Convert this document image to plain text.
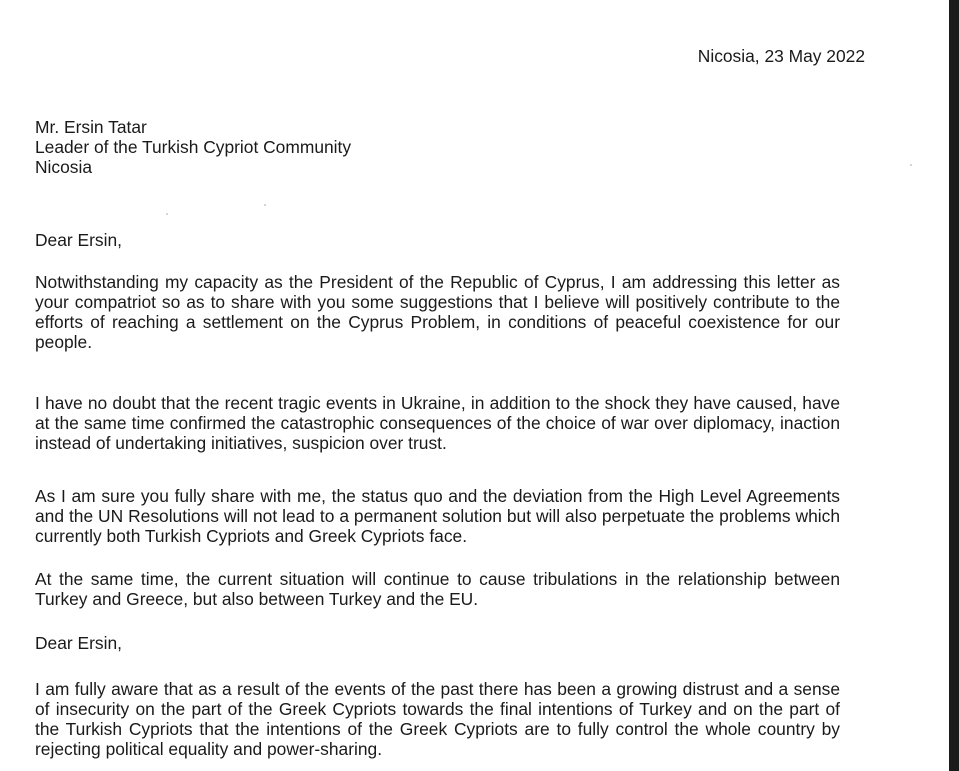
Nicosia, 23 May 2022
Mr. Ersin Tatar
Leader of the Turkish Cypriot Community
Nicosia
Dear Ersin,

Notwithstanding my capacity as the President of the Republic of Cyprus, I am addressing this letter as your compatriot so as to share with you some suggestions that I believe will positively contribute to the efforts of reaching a settlement on the Cyprus Problem, in conditions of peaceful coexistence for our people.

I have no doubt that the recent tragic events in Ukraine, in addition to the shock they have caused, have at the same time confirmed the catastrophic consequences of the choice of war over diplomacy, inaction instead of undertaking initiatives, suspicion over trust.

As I am sure you fully share with me, the status quo and the deviation from the High Level Agreements and the UN Resolutions will not lead to a permanent solution but will also perpetuate the problems which currently both Turkish Cypriots and Greek Cypriots face.

At the same time, the current situation will continue to cause tribulations in the relationship between Turkey and Greece, but also between Turkey and the EU.

Dear Ersin,

I am fully aware that as a result of the events of the past there has been a growing distrust and a sense of insecurity on the part of the Greek Cypriots towards the final intentions of Turkey and on the part of the Turkish Cypriots that the intentions of the Greek Cypriots are to fully control the whole country by rejecting political equality and power-sharing.
